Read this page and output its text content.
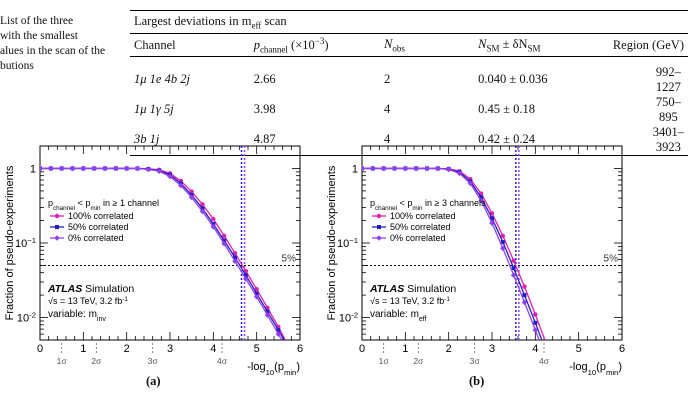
List of the three
with the smallest
alues in the scan of the
butions
Largest deviations in $m_{eff}$ scan				
Channel	$p_{channel}$ $(\times 10^{-3})$	$N_{obs}$	$N_{SM} \pm \delta N_{SM}$	Region (GeV)

1μ 1e 4b 2j	2.66	2	0.040 ± 0.036	992–1227
1μ 1γ 5j	3.98	4	0.45 ± 0.18	750–895
3b 1j	4.87	4	0.42 ± 0.24	3401–3923
0	1	2	3	4	5	6
1
$10^{-1}$
$10^{-2}$
Fraction of pseudo-experiments
$-\log_{10}(p_{min})$
1σ	2σ	3σ	4σ
5%
$p_{channel} < p_{min}$ in ≥ 1 channel
100% correlated
50% correlated
0% correlated
ATLAS Simulation
√s = 13 TeV, 3.2 $fb^{-1}$
variable: $m_{inv}$
0	1	2	3	4	5	6
1
$10^{-1}$
$10^{-2}$
Fraction of pseudo-experiments
$-\log_{10}(p_{min})$
1σ	2σ	3σ	4σ
5%
$p_{channel} < p_{min}$ in ≥ 3 channels
100% correlated
50% correlated
0% correlated
ATLAS Simulation
√s = 13 TeV, 3.2 $fb^{-1}$
variable: $m_{eff}$
(a)	(b)
